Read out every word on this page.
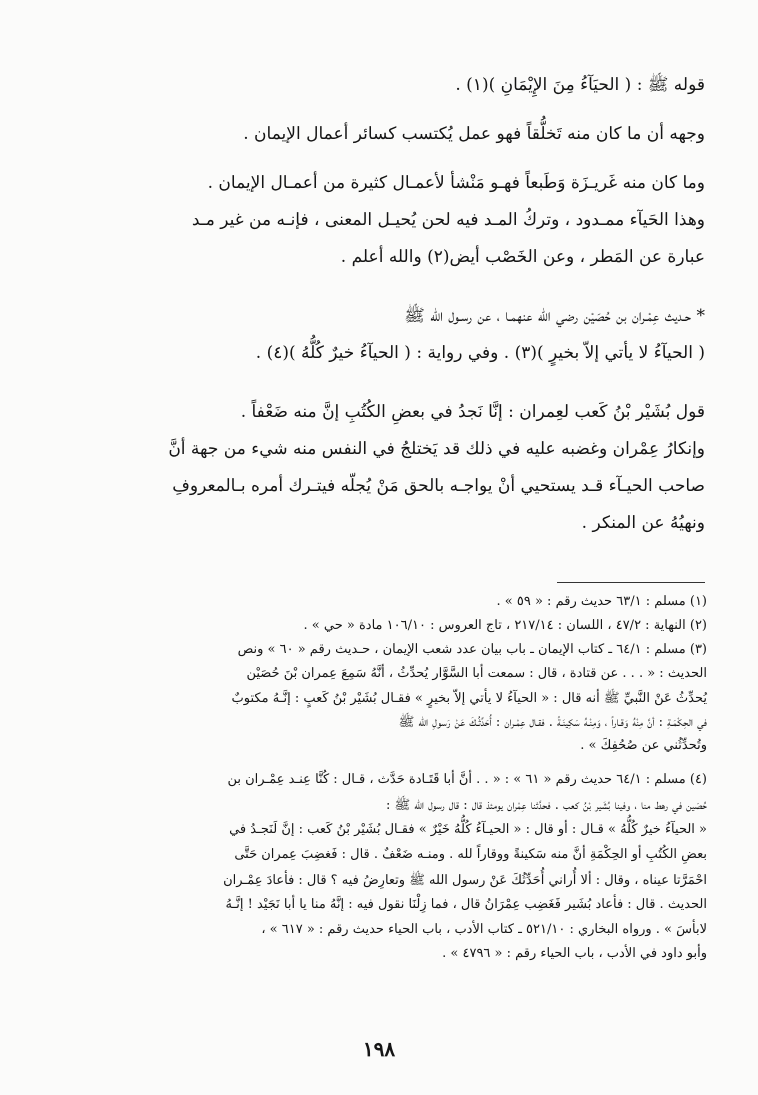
قوله ﷺ : ( الحيَآءُ مِنَ الإِيْمَانِ )(١) .
وجهه أن ما كان منه تَخلُّقاً فهو عمل يُكتسب كسائر أعمال الإيمان .
وما كان منه غَريـزَة وَطَبعاً فهـو مَنْشأ لأعمـال كثيرة من أعمـال الإيمان .
وهذا الحَيآء ممـدود ، وتركُ المـد فيه لحن يُحيـل المعنى ، فإنـه من غير مـد
عبارة عن المَطر ، وعن الخَصْب أيض(٢) والله أعلم .
* حـديث عِمْـران بن حُصَيْن رضي الله عنهمـا ، عن رسـول الله ﷺ
( الحيآءُ لا يأتي إلاّ بخيرٍ )(٣) . وفي رواية : ( الحيآءُ خيرٌ كُلُّهُ )(٤) .
قول بُشَيْر بْنُ كَعب لعِمران : إنَّا نَجدُ في بعضِ الكُتُبِ إنَّ منه ضَعْفاً .
وإنكارُ عِمْران وغضبه عليه في ذلك قد يَختلجُ في النفس منه شيء من جهة أنَّ
صاحب الحيـآء قـد يستحيي أنْ يواجـه بالحق مَنْ يُجلّه فيتـرك أمره بـالمعروفِ
ونهيُهُ عن المنكر .
(١) مسلم : ٦٣/١ حديث رقم : « ٥٩ » .
(٢) النهاية : ٤٧/٢ ، اللسان : ٢١٧/١٤ ، تاج العروس : ١٠٦/١٠ مادة « حي » .
(٣) مسلم : ٦٤/١ ـ كتاب الإيمان ـ باب بيان عدد شعب الإيمان ، حـديث رقم « ٦٠ » ونص
الحديث : « . . . عن قتادة ، قال : سمعت أبا السَّوَّار يُحدِّثُ ، أنَّهُ سَمِعَ عِمران بْنَ حُصَيْن
يُحدِّثُ عَنْ النَّبيِّ ﷺ أنه قال : « الحيآءُ لا يأتي إلاّ بخيرٍ » فقـال بُشَيْر بْنُ كَعبٍ : إنَّـهُ مكتوبٌ
في الحِكْمَـةِ : أنَّ مِنْهُ وَقـاراً ، وَمِنْـهُ سَكِينَـةً . فقـال عِمْـران : أُحَدِّثُـكَ عَنْ رَسولِ الله ﷺ
وتُحدِّثُني عن صُحُفِكَ » .
(٤) مسلم : ٦٤/١ حديث رقم « ٦١ » : « . . أنَّ أبا قَتَـادة حَدَّث ، قـال : كُنَّا عِنـد عِمْـران بن
حُصَين في رهط منا ، وفينا بُشَير بْنُ كعب . فحدَّثنا عِمْران يومئذ قال : قال رسول الله ﷺ :
« الحيآءُ خيرٌ كُلُّهُ » قـال : أو قال : « الحيـآءُ كُلُّهُ خَيْرٌ » فقـال بُشَيْر بْنُ كَعب : إنَّ لَنَجـدُ في
بعضِ الكُتُبِ أو الحِكْمَةِ أنَّ منه سَكينةً ووقاراً لله . ومنـه ضَعْفٌ . قال : فَغضِبَ عِمران حَتَّى
احْمَرَّتا عيناه ، وقال : ألا أُراني أُحَدِّثُكَ عَنْ رسول الله ﷺ وتعارِضُ فيه ؟ قال : فأعادَ عِمْـران
الحديث . قال : فأعاد بُشَير فَغَضِب عِمْرَانُ قال ، فما زِلْنَا نقول فيه : إنَّهُ منا يا أبا نَجَيْد ! إنَّـهُ
لابأسَ » . ورواه البخاري : ٥٢١/١٠ ـ كتاب الأدب ، باب الحياء حديث رقم : « ٦١٧ » ،
وأبو داود في الأدب ، باب الحياء رقم : « ٤٧٩٦ » .
١٩٨
